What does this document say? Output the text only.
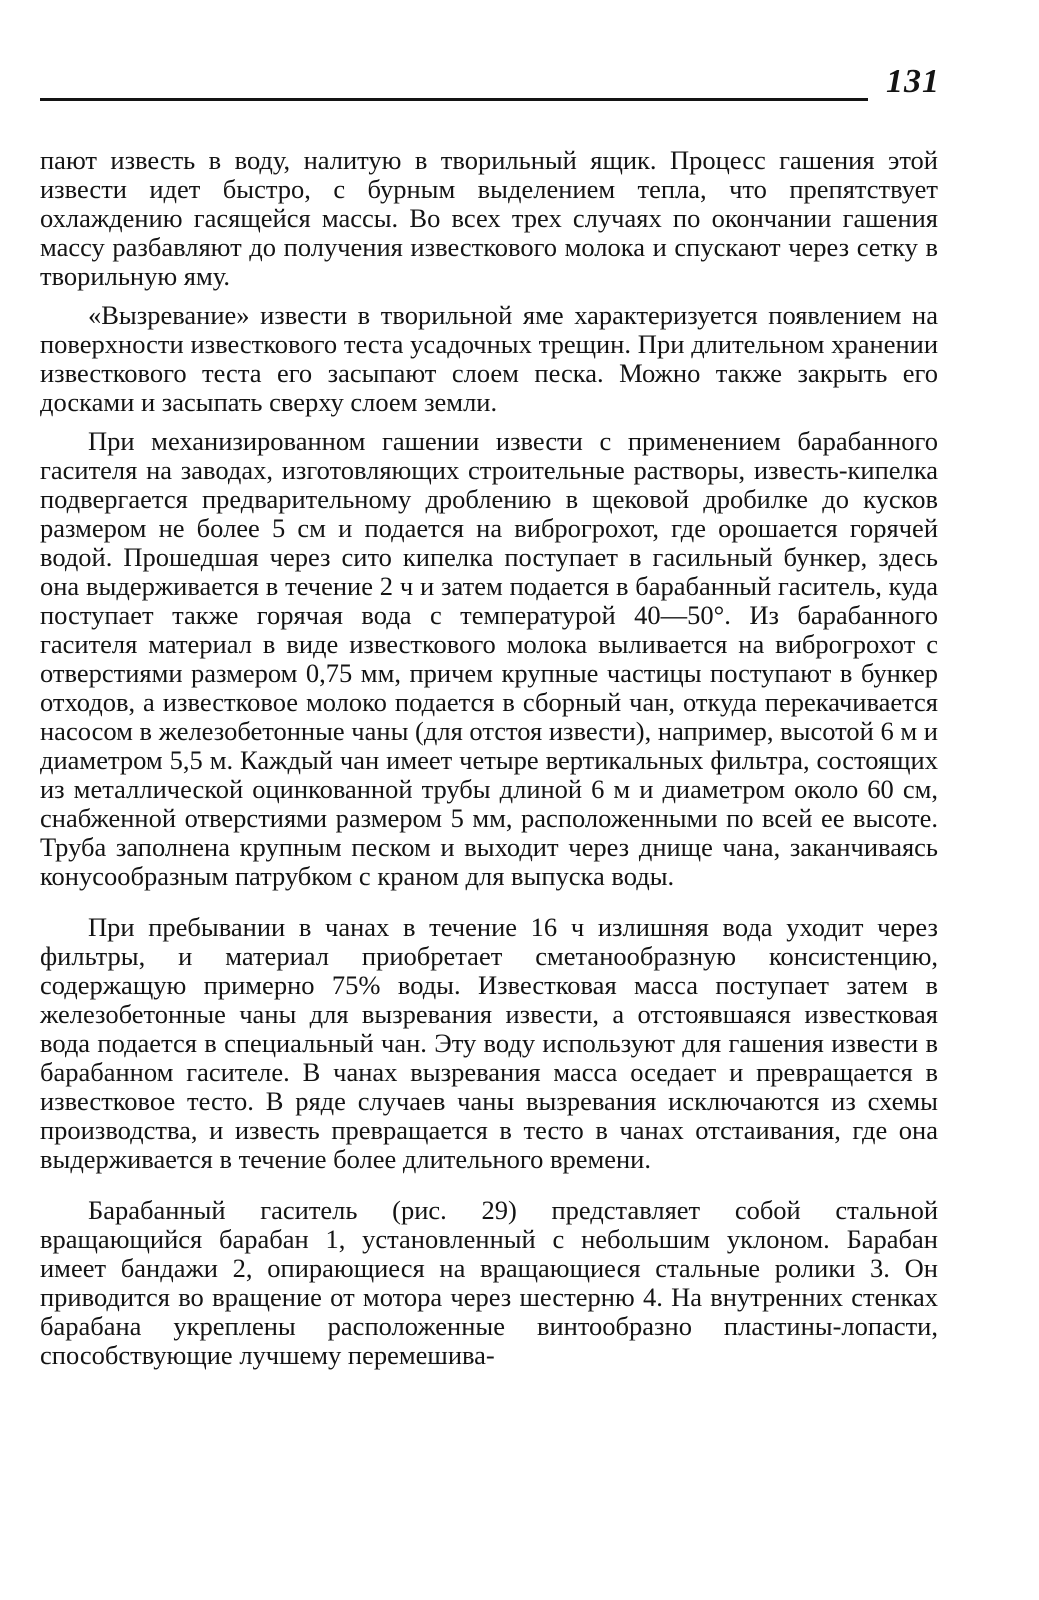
131

пают известь в воду, налитую в творильный ящик. Процесс гашения этой извести идет быстро, с бурным выделением тепла, что препятствует охлаждению гасящейся массы. Во всех трех случаях по окончании гашения массу разбавляют до получения известкового молока и спускают через сетку в творильную яму.

«Вызревание» извести в творильной яме характеризуется появлением на поверхности известкового теста усадочных трещин. При длительном хранении известкового теста его засыпают слоем песка. Можно также закрыть его досками и засыпать сверху слоем земли.

При механизированном гашении извести с применением барабанного гасителя на заводах, изготовляющих строительные растворы, известь-кипелка подвергается предварительному дроблению в щековой дробилке до кусков размером не более 5 см и подается на виброгрохот, где орошается горячей водой. Прошедшая через сито кипелка поступает в гасильный бункер, здесь она выдерживается в течение 2 ч и затем подается в барабанный гаситель, куда поступает также горячая вода с температурой 40—50°. Из барабанного гасителя материал в виде известкового молока выливается на виброгрохот с отверстиями размером 0,75 мм, причем крупные частицы поступают в бункер отходов, а известковое молоко подается в сборный чан, откуда перекачивается насосом в железобетонные чаны (для отстоя извести), например, высотой 6 м и диаметром 5,5 м. Каждый чан имеет четыре вертикальных фильтра, состоящих из металлической оцинкованной трубы длиной 6 м и диаметром около 60 см, снабженной отверстиями размером 5 мм, расположенными по всей ее высоте. Труба заполнена крупным песком и выходит через днище чана, заканчиваясь конусообразным патрубком с краном для выпуска воды.

При пребывании в чанах в течение 16 ч излишняя вода уходит через фильтры, и материал приобретает сметанообразную консистенцию, содержащую примерно 75% воды. Известковая масса поступает затем в железобетонные чаны для вызревания извести, а отстоявшаяся известковая вода подается в специальный чан. Эту воду используют для гашения извести в барабанном гасителе. В чанах вызревания масса оседает и превращается в известковое тесто. В ряде случаев чаны вызревания исключаются из схемы производства, и известь превращается в тесто в чанах отстаивания, где она выдерживается в течение более длительного времени.

Барабанный гаситель (рис. 29) представляет собой стальной вращающийся барабан 1, установленный с небольшим уклоном. Барабан имеет бандажи 2, опирающиеся на вращающиеся стальные ролики 3. Он приводится во вращение от мотора через шестерню 4. На внутренних стенках барабана укреплены расположенные винтообразно пластины-лопасти, способствующие лучшему перемешива-
